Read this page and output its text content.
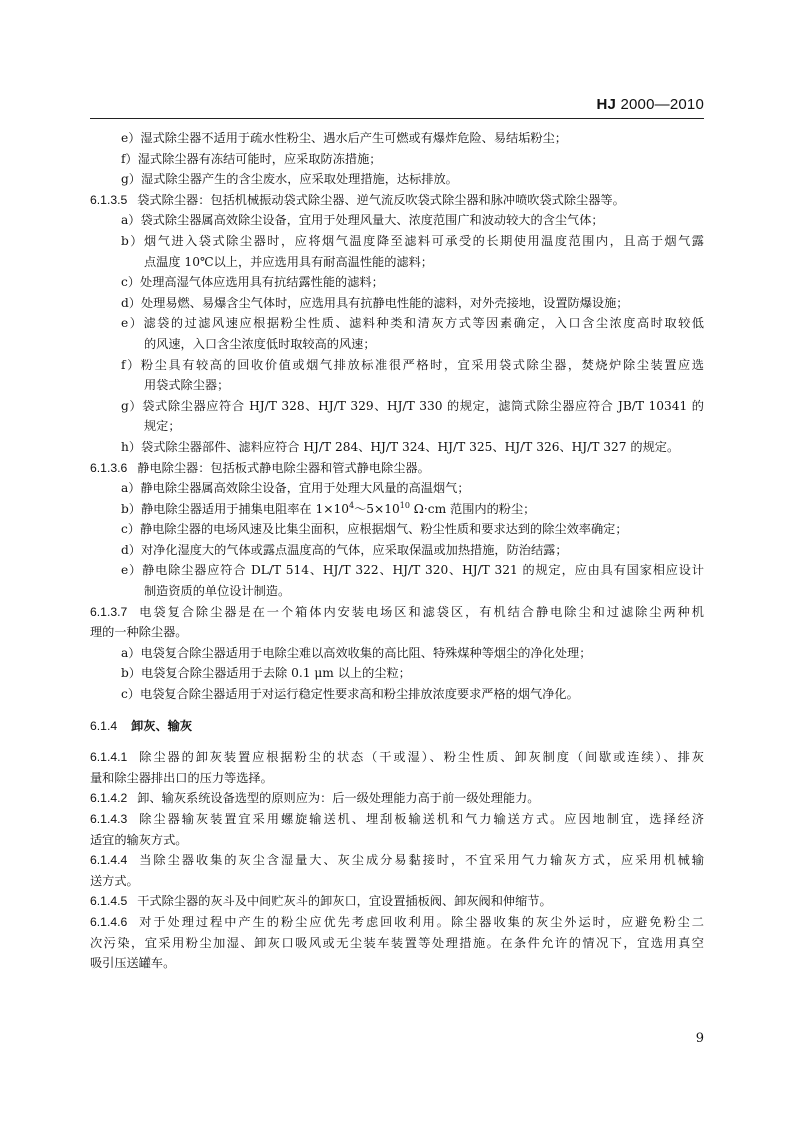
HJ 2000—2010
e）湿式除尘器不适用于疏水性粉尘、遇水后产生可燃或有爆炸危险、易结垢粉尘；
f）湿式除尘器有冻结可能时，应采取防冻措施；
g）湿式除尘器产生的含尘废水，应采取处理措施，达标排放。
6.1.3.5 袋式除尘器：包括机械振动袋式除尘器、逆气流反吹袋式除尘器和脉冲喷吹袋式除尘器等。
a）袋式除尘器属高效除尘设备，宜用于处理风量大、浓度范围广和波动较大的含尘气体；
b）烟气进入袋式除尘器时，应将烟气温度降至滤料可承受的长期使用温度范围内，且高于烟气露
点温度 10℃以上，并应选用具有耐高温性能的滤料；
c）处理高湿气体应选用具有抗结露性能的滤料；
d）处理易燃、易爆含尘气体时，应选用具有抗静电性能的滤料，对外壳接地，设置防爆设施；
e）滤袋的过滤风速应根据粉尘性质、滤料种类和清灰方式等因素确定，入口含尘浓度高时取较低
的风速，入口含尘浓度低时取较高的风速；
f）粉尘具有较高的回收价值或烟气排放标准很严格时，宜采用袋式除尘器，焚烧炉除尘装置应选
用袋式除尘器；
g）袋式除尘器应符合 HJ/T 328、HJ/T 329、HJ/T 330 的规定，滤筒式除尘器应符合 JB/T 10341 的
规定；
h）袋式除尘器部件、滤料应符合 HJ/T 284、HJ/T 324、HJ/T 325、HJ/T 326、HJ/T 327 的规定。
6.1.3.6 静电除尘器：包括板式静电除尘器和管式静电除尘器。
a）静电除尘器属高效除尘设备，宜用于处理大风量的高温烟气；
b）静电除尘器适用于捕集电阻率在 $1\times 10^4\sim 5\times 10^{10}$ Ω·cm 范围内的粉尘；
c）静电除尘器的电场风速及比集尘面积，应根据烟气、粉尘性质和要求达到的除尘效率确定；
d）对净化湿度大的气体或露点温度高的气体，应采取保温或加热措施，防治结露；
e）静电除尘器应符合 DL/T 514、HJ/T 322、HJ/T 320、HJ/T 321 的规定，应由具有国家相应设计
制造资质的单位设计制造。
6.1.3.7 电袋复合除尘器是在一个箱体内安装电场区和滤袋区，有机结合静电除尘和过滤除尘两种机
理的一种除尘器。
a）电袋复合除尘器适用于电除尘难以高效收集的高比阻、特殊煤种等烟尘的净化处理；
b）电袋复合除尘器适用于去除 0.1 μm 以上的尘粒；
c）电袋复合除尘器适用于对运行稳定性要求高和粉尘排放浓度要求严格的烟气净化。
6.1.4 卸灰、输灰
6.1.4.1 除尘器的卸灰装置应根据粉尘的状态（干或湿）、粉尘性质、卸灰制度（间歇或连续）、排灰
量和除尘器排出口的压力等选择。
6.1.4.2 卸、输灰系统设备选型的原则应为：后一级处理能力高于前一级处理能力。
6.1.4.3 除尘器输灰装置宜采用螺旋输送机、埋刮板输送机和气力输送方式。应因地制宜，选择经济
适宜的输灰方式。
6.1.4.4 当除尘器收集的灰尘含湿量大、灰尘成分易黏接时，不宜采用气力输灰方式，应采用机械输
送方式。
6.1.4.5 干式除尘器的灰斗及中间贮灰斗的卸灰口，宜设置插板阀、卸灰阀和伸缩节。
6.1.4.6 对于处理过程中产生的粉尘应优先考虑回收利用。除尘器收集的灰尘外运时，应避免粉尘二
次污染，宜采用粉尘加湿、卸灰口吸风或无尘装车装置等处理措施。在条件允许的情况下，宜选用真空
吸引压送罐车。
9
